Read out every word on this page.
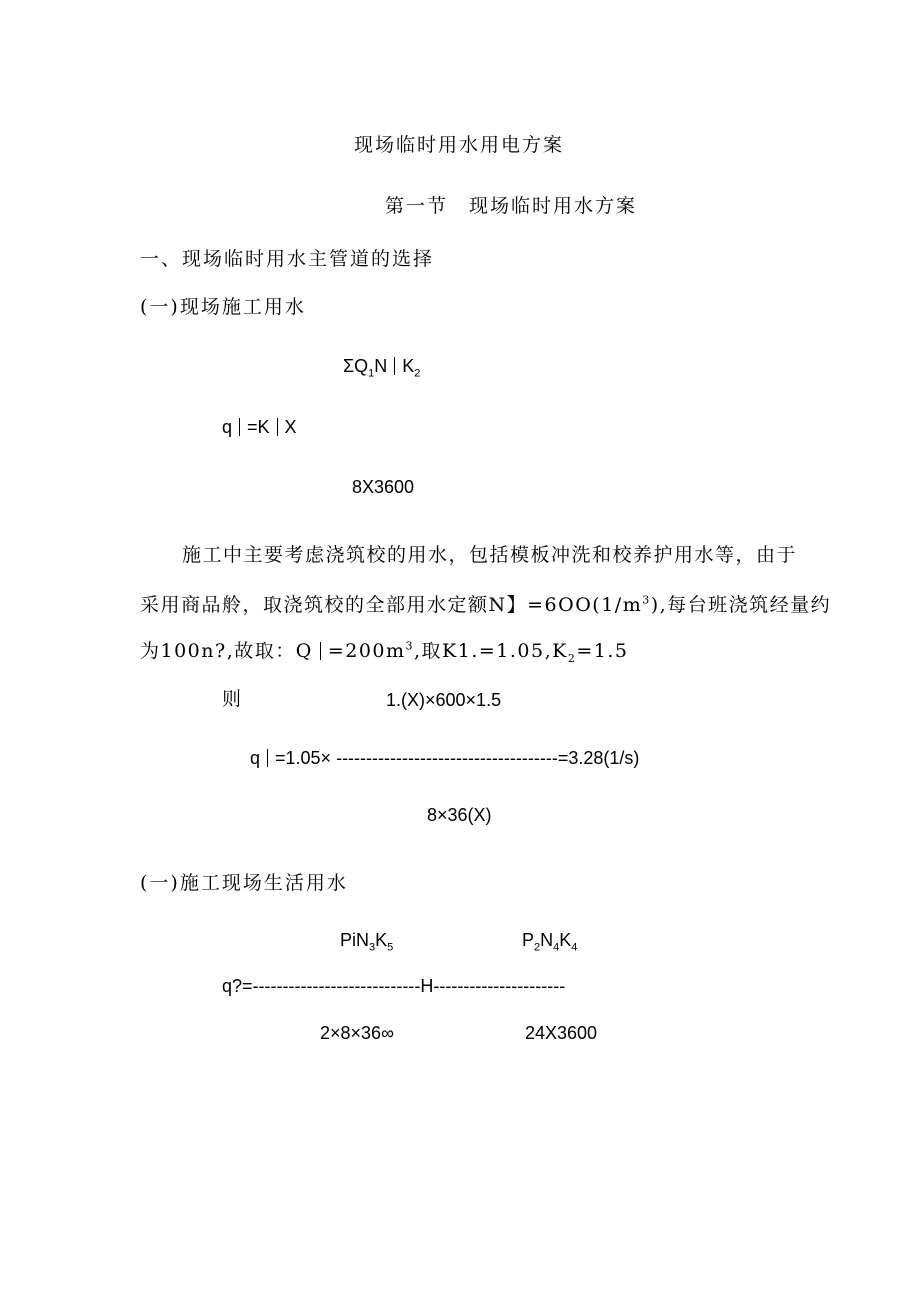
现场临时用水用电方案
第一节　现场临时用水方案
一、现场临时用水主管道的选择
(一)现场施工用水
$\Sigma Q_1N$ $K_2$
q =K X
8X3600
施工中主要考虑浇筑校的用水，包括模板冲洗和校养护用水等，由于
采用商品舲，取浇筑校的全部用水定额N】$=6OO(1/m^3)$,每台班浇筑经量约
为100n?,故取：$Q =200m^3$,取$K1.=1.05,K_2=1.5$
则	1.(X)×600×1.5
q =1.05× -------------------------------------=3.28(1/s)
8×36(X)
(一)施工现场生活用水
$PiN_3K_5$	$P_2N_4K_4$
q?=----------------------------H----------------------
2×8×36∞	24X3600
